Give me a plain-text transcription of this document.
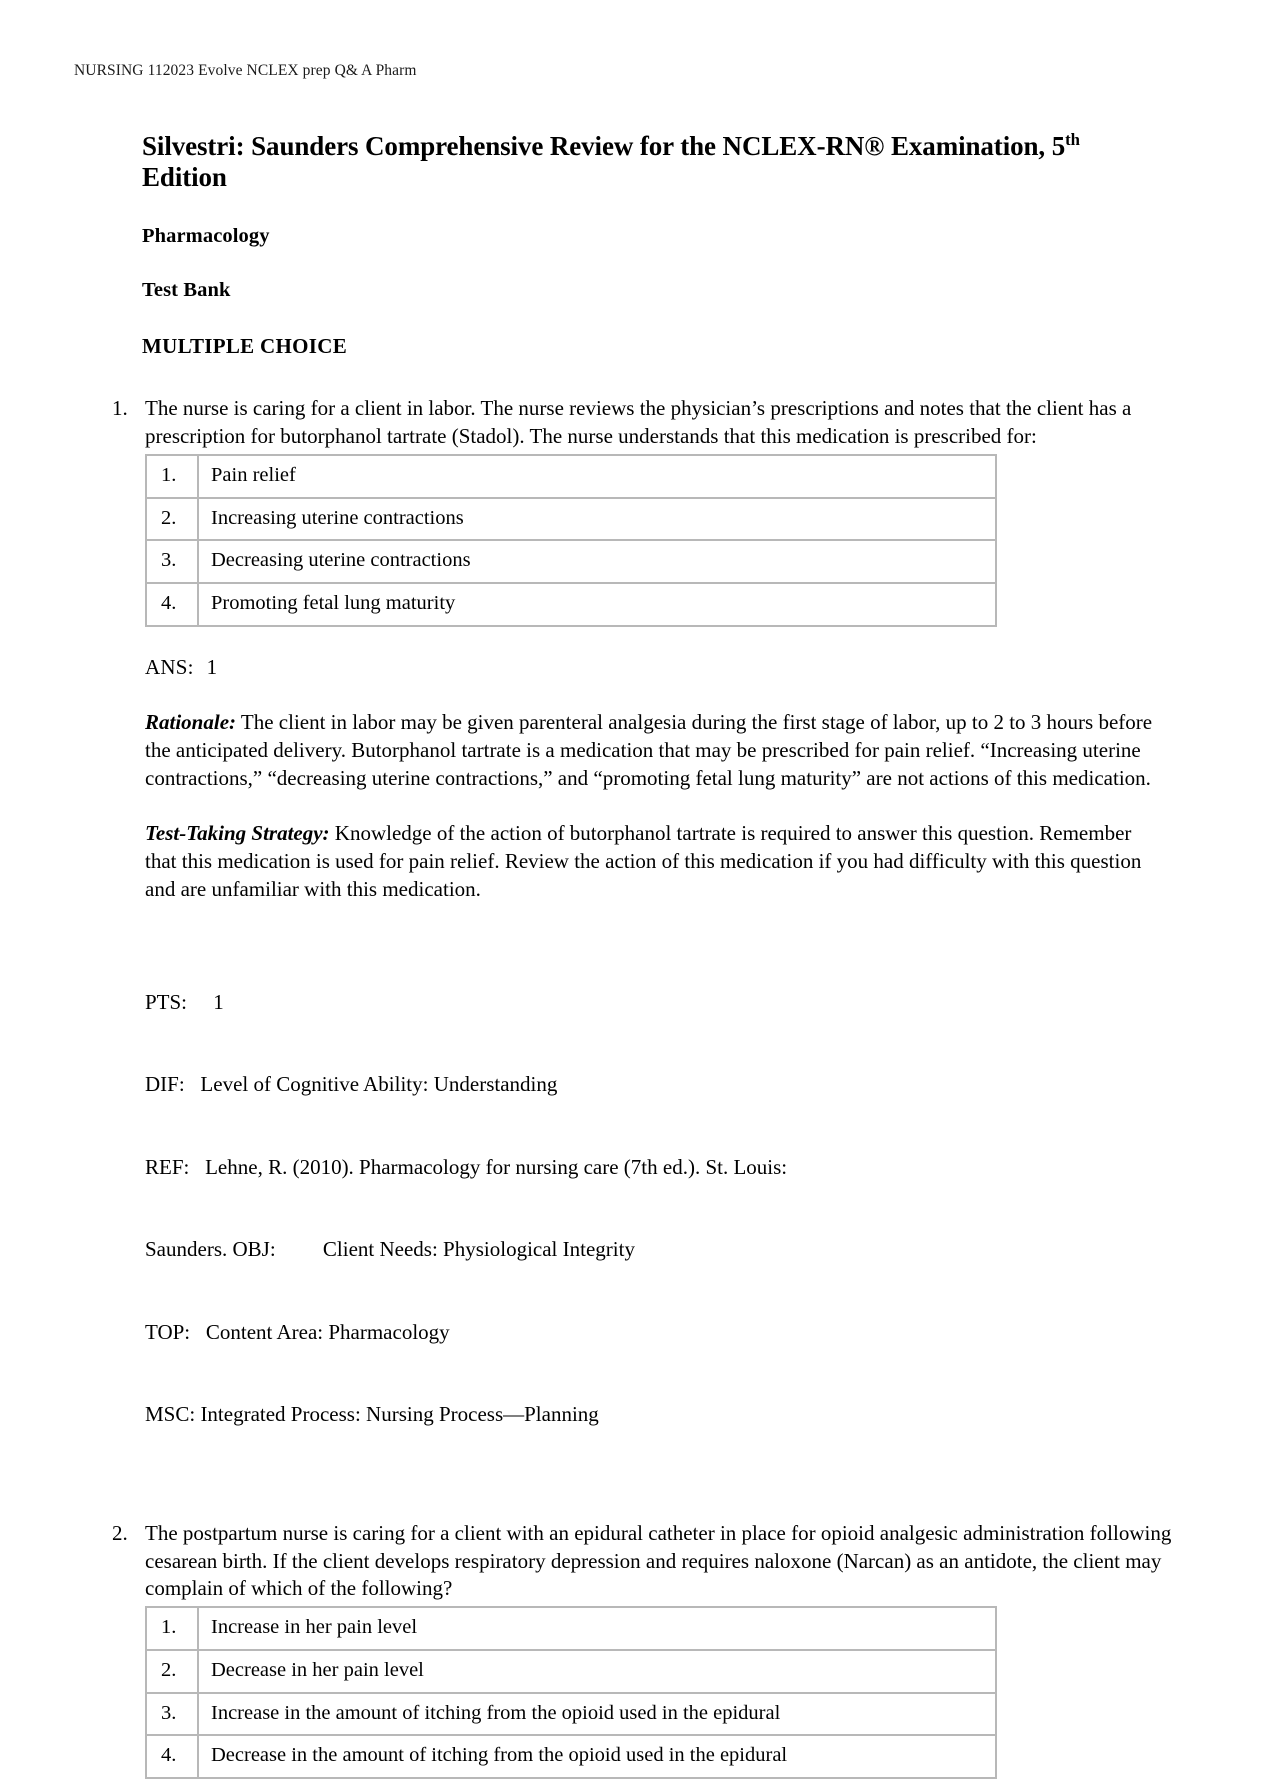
NURSING 112023 Evolve NCLEX prep Q& A Pharm
Silvestri: Saunders Comprehensive Review for the NCLEX-RN® Examination, 5th
Edition
Pharmacology
Test Bank
MULTIPLE CHOICE
1. The nurse is caring for a client in labor. The nurse reviews the physician’s prescriptions and notes that the client has a prescription for butorphanol tartrate (Stadol). The nurse understands that this medication is prescribed for:
1.	Pain relief
2.	Increasing uterine contractions
3.	Decreasing uterine contractions
4.	Promoting fetal lung maturity
ANS: 1
Rationale: The client in labor may be given parenteral analgesia during the first stage of labor, up to 2 to 3 hours before the anticipated delivery. Butorphanol tartrate is a medication that may be prescribed for pain relief. “Increasing uterine contractions,” “decreasing uterine contractions,” and “promoting fetal lung maturity” are not actions of this medication.
Test-Taking Strategy: Knowledge of the action of butorphanol tartrate is required to answer this question. Remember that this medication is used for pain relief. Review the action of this medication if you had difficulty with this question and are unfamiliar with this medication.

PTS:  1

DIF:  Level of Cognitive Ability: Understanding

REF:  Lehne, R. (2010). Pharmacology for nursing care (7th ed.). St. Louis:

Saunders. OBJ:   Client Needs: Physiological Integrity

TOP:  Content Area: Pharmacology

MSC: Integrated Process: Nursing Process—Planning

2. The postpartum nurse is caring for a client with an epidural catheter in place for opioid analgesic administration following cesarean birth. If the client develops respiratory depression and requires naloxone (Narcan) as an antidote, the client may complain of which of the following?
1.	Increase in her pain level
2.	Decrease in her pain level
3.	Increase in the amount of itching from the opioid used in the epidural
4.	Decrease in the amount of itching from the opioid used in the epidural
